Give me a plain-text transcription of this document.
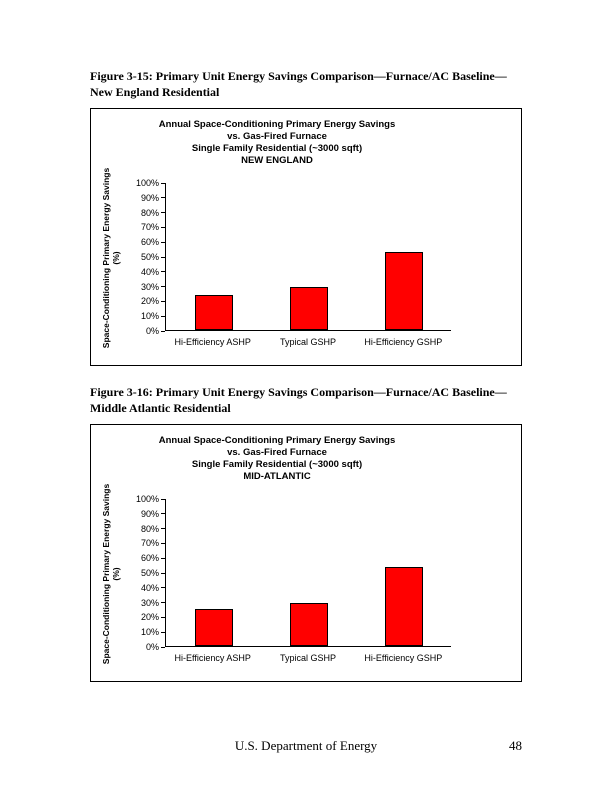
Figure 3-15: Primary Unit Energy Savings Comparison—Furnace/AC Baseline—New England Residential

Annual Space-Conditioning Primary Energy Savings
vs. Gas-Fired Furnace
Single Family Residential (~3000 sqft)
NEW ENGLAND
Space-Conditioning Primary Energy Savings (%)
0%
10%
20%
30%
40%
50%
60%
70%
80%
90%
100%
Hi-Efficiency ASHP	Typical GSHP	Hi-Efficiency GSHP

Figure 3-16: Primary Unit Energy Savings Comparison—Furnace/AC Baseline—Middle Atlantic Residential

Annual Space-Conditioning Primary Energy Savings
vs. Gas-Fired Furnace
Single Family Residential (~3000 sqft)
MID-ATLANTIC
Space-Conditioning Primary Energy Savings (%)
0%
10%
20%
30%
40%
50%
60%
70%
80%
90%
100%
Hi-Efficiency ASHP	Typical GSHP	Hi-Efficiency GSHP
U.S. Department of Energy	48
